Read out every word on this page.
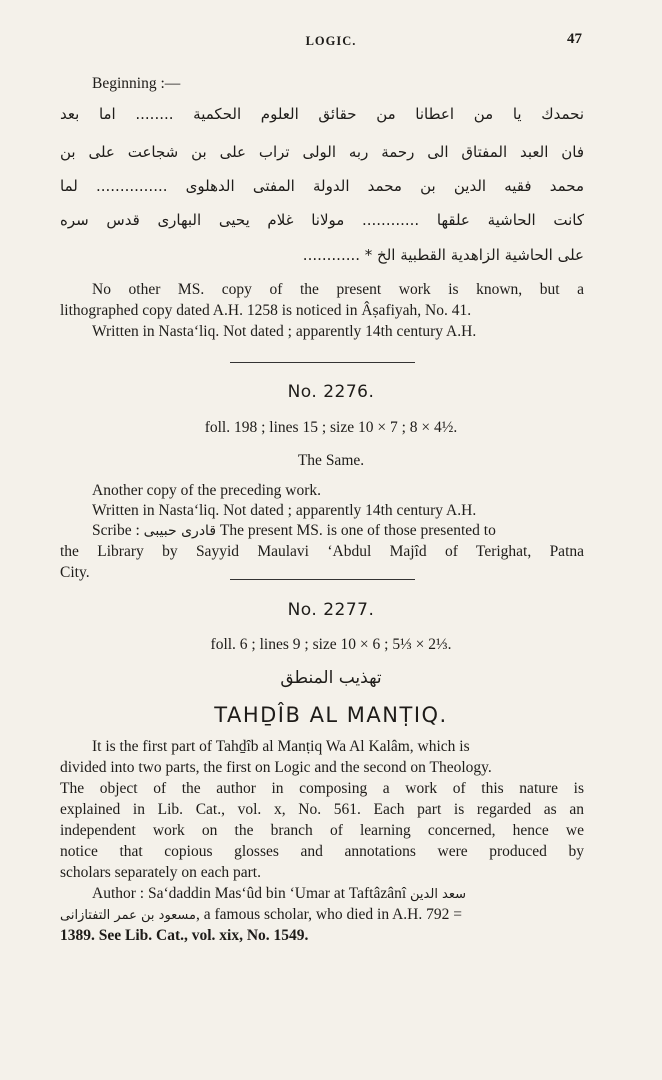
LOGIC.	47
Beginning :—
نحمدك یا من اعطانا من حقائق العلوم الحكمیة ........ اما بعد
فان العبد المفتاق الی رحمة ربه الولی تراب علی بن شجاعت علی بن
محمد فقیه الدین بن محمد الدولة المفتی الدهلوی ............... لما
كانت الحاشیة علقها ............ مولانا غلام یحیی البهاری قدس سره
علی الحاشیة الزاهدیة القطبیة الخ * ............
No other MS. copy of the present work is known, but a
lithographed copy dated A.H. 1258 is noticed in Âṣafiyah, No. 41.
Written in Nasta‘liq. Not dated ; apparently 14th century A.H.
No. 2276.
foll. 198 ; lines 15 ; size 10 × 7 ; 8 × 4½.
The Same.
Another copy of the preceding work.
Written in Nasta‘liq. Not dated ; apparently 14th century A.H.
Scribe : قادری حبیبی The present MS. is one of those presented to
the Library by Sayyid Maulavi ‘Abdul Majîd of Terighat, Patna
City.
No. 2277.
foll. 6 ; lines 9 ; size 10 × 6 ; 5⅓ × 2⅓.
تهذیب المنطق
TAHḎÎB AL MANṬIQ.
It is the first part of Tahḏîb al Manṭiq Wa Al Kalâm, which is
divided into two parts, the first on Logic and the second on Theology.
The object of the author in composing a work of this nature is
explained in Lib. Cat., vol. x, No. 561. Each part is regarded as an
independent work on the branch of learning concerned, hence we
notice that copious glosses and annotations were produced by
scholars separately on each part.
Author : Sa‘daddin Mas‘ûd bin ‘Umar at Taftâzânî سعد الدین
مسعود بن عمر التفتازانی, a famous scholar, who died in A.H. 792 =
1389. See Lib. Cat., vol. xix, No. 1549.
